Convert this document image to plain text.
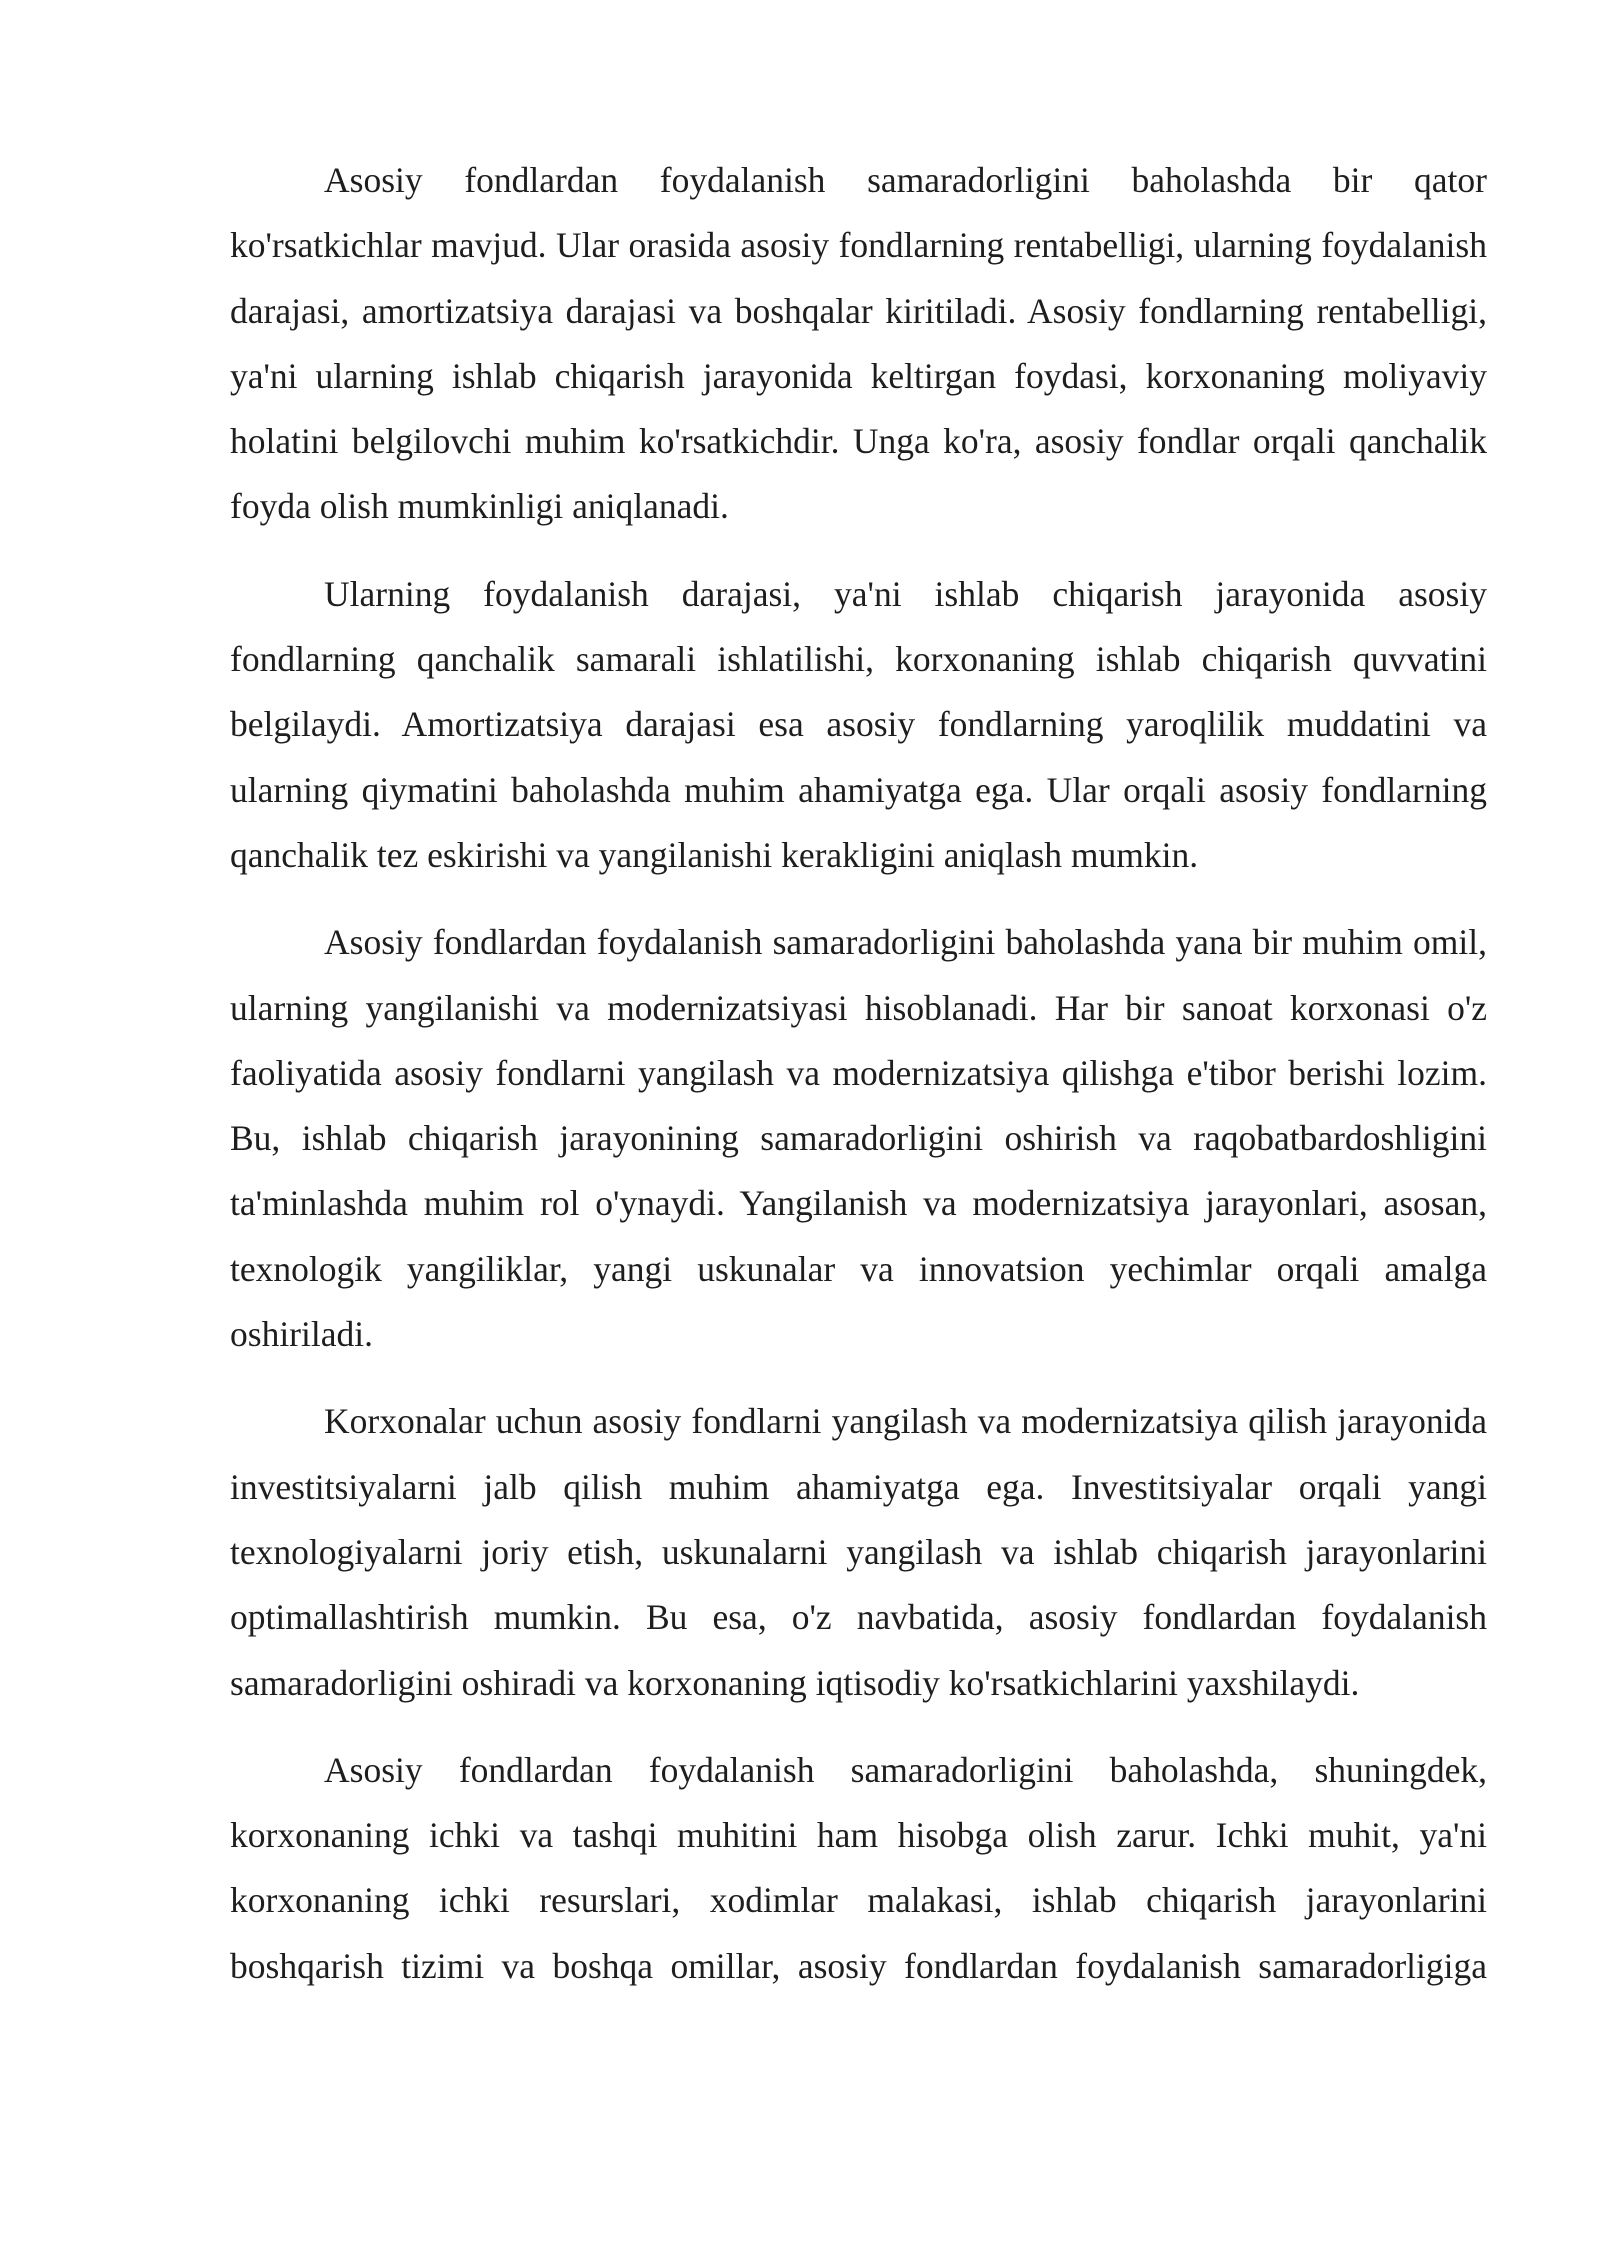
Asosiy fondlardan foydalanish samaradorligini baholashda bir qator ko'rsatkichlar mavjud. Ular orasida asosiy fondlarning rentabelligi, ularning foydalanish darajasi, amortizatsiya darajasi va boshqalar kiritiladi. Asosiy fondlarning rentabelligi, ya'ni ularning ishlab chiqarish jarayonida keltirgan foydasi, korxonaning moliyaviy holatini belgilovchi muhim ko'rsatkichdir. Unga ko'ra, asosiy fondlar orqali qanchalik foyda olish mumkinligi aniqlanadi.

Ularning foydalanish darajasi, ya'ni ishlab chiqarish jarayonida asosiy fondlarning qanchalik samarali ishlatilishi, korxonaning ishlab chiqarish quvvatini belgilaydi. Amortizatsiya darajasi esa asosiy fondlarning yaroqlilik muddatini va ularning qiymatini baholashda muhim ahamiyatga ega. Ular orqali asosiy fondlarning qanchalik tez eskirishi va yangilanishi kerakligini aniqlash mumkin.

Asosiy fondlardan foydalanish samaradorligini baholashda yana bir muhim omil, ularning yangilanishi va modernizatsiyasi hisoblanadi. Har bir sanoat korxonasi o'z faoliyatida asosiy fondlarni yangilash va modernizatsiya qilishga e'tibor berishi lozim. Bu, ishlab chiqarish jarayonining samaradorligini oshirish va raqobatbardoshligini ta'minlashda muhim rol o'ynaydi. Yangilanish va modernizatsiya jarayonlari, asosan, texnologik yangiliklar, yangi uskunalar va innovatsion yechimlar orqali amalga oshiriladi.

Korxonalar uchun asosiy fondlarni yangilash va modernizatsiya qilish jarayonida investitsiyalarni jalb qilish muhim ahamiyatga ega. Investitsiyalar orqali yangi texnologiyalarni joriy etish, uskunalarni yangilash va ishlab chiqarish jarayonlarini optimallashtirish mumkin. Bu esa, o'z navbatida, asosiy fondlardan foydalanish samaradorligini oshiradi va korxonaning iqtisodiy ko'rsatkichlarini yaxshilaydi.

Asosiy fondlardan foydalanish samaradorligini baholashda, shuningdek, korxonaning ichki va tashqi muhitini ham hisobga olish zarur. Ichki muhit, ya'ni korxonaning ichki resurslari, xodimlar malakasi, ishlab chiqarish jarayonlarini boshqarish tizimi va boshqa omillar, asosiy fondlardan foydalanish samaradorligiga
